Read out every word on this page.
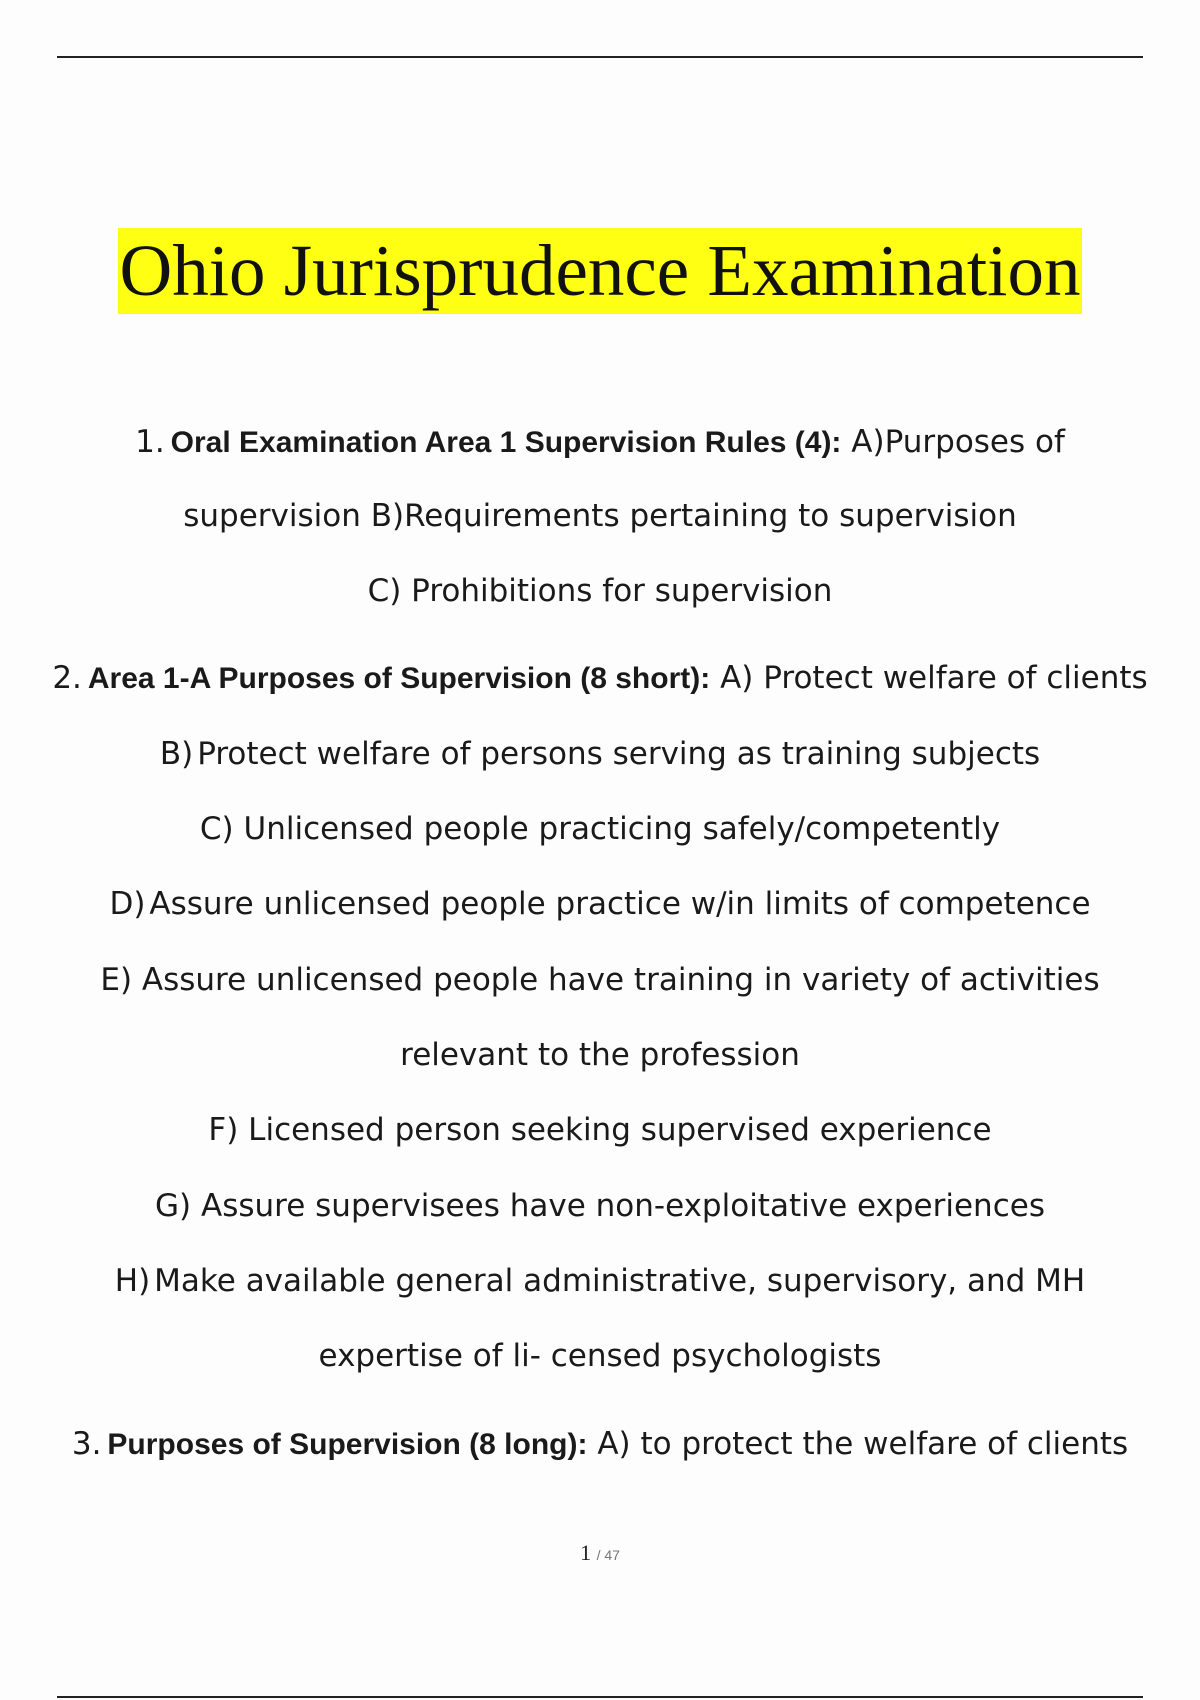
Ohio Jurisprudence Examination
1. Oral Examination Area 1 Supervision Rules (4): A)Purposes of
supervision B)Requirements pertaining to supervision
C) Prohibitions for supervision
2. Area 1-A Purposes of Supervision (8 short): A) Protect welfare of clients
B) Protect welfare of persons serving as training subjects
C) Unlicensed people practicing safely/competently
D) Assure unlicensed people practice w/in limits of competence
E) Assure unlicensed people have training in variety of activities
relevant to the profession
F) Licensed person seeking supervised experience
G) Assure supervisees have non-exploitative experiences
H) Make available general administrative, supervisory, and MH
expertise of li- censed psychologists
3. Purposes of Supervision (8 long): A) to protect the welfare of clients
1 / 47
